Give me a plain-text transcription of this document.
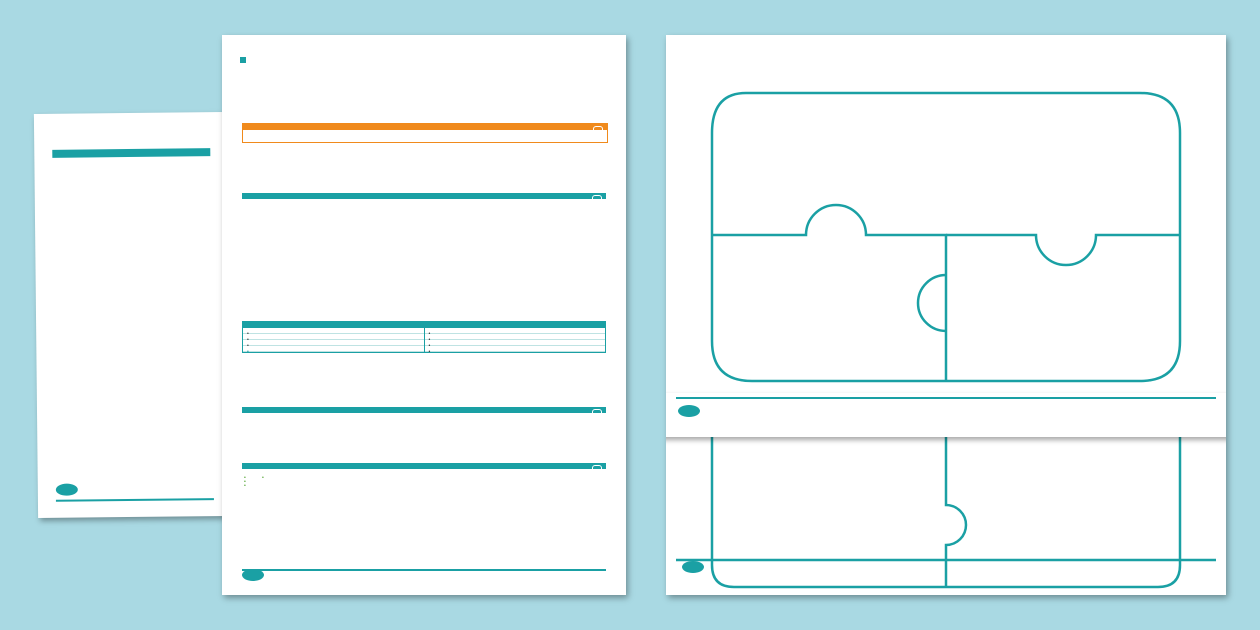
•
•
•
•
•
•
•
•
•
•
•
•
